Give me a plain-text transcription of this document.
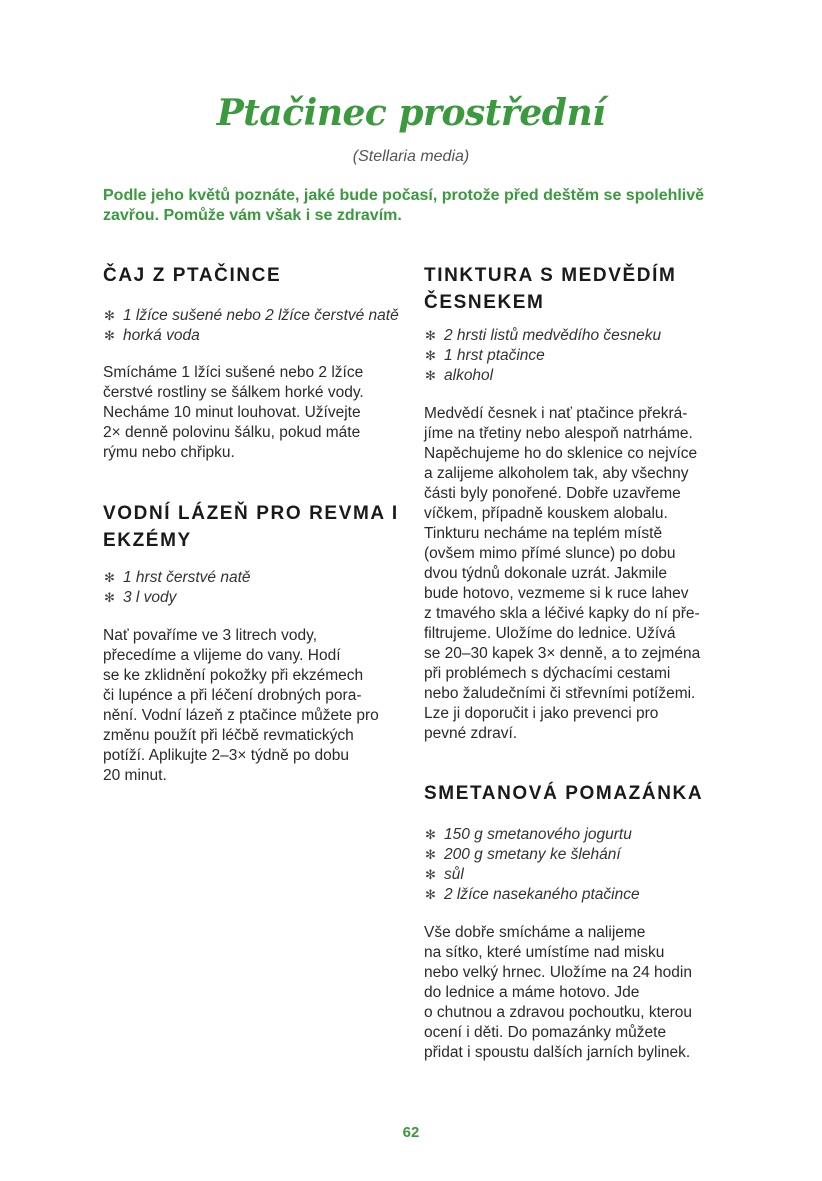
Ptačinec prostřední
(Stellaria media)
Podle jeho květů poznáte, jaké bude počasí, protože před deštěm se spolehlivě zavřou. Pomůže vám však i se zdravím.
ČAJ Z PTAČINCE
✻ 1 lžíce sušené nebo 2 lžíce čerstvé natě
✻ horká voda

Smícháme 1 lžíci sušené nebo 2 lžíce
čerstvé rostliny se šálkem horké vody.
Necháme 10 minut louhovat. Užívejte
2× denně polovinu šálku, pokud máte
rýmu nebo chřipku.

VODNÍ LÁZEŇ PRO REVMA I EKZÉMY
✻ 1 hrst čerstvé natě
✻ 3 l vody

Nať povaříme ve 3 litrech vody,
přecedíme a vlijeme do vany. Hodí
se ke zklidnění pokožky při ekzémech
či lupénce a při léčení drobných pora-
nění. Vodní lázeň z ptačince můžete pro
změnu použít při léčbě revmatických
potíží. Aplikujte 2–3× týdně po dobu
20 minut.

TINKTURA S MEDVĚDÍM ČESNEKEM
✻ 2 hrsti listů medvědího česneku
✻ 1 hrst ptačince
✻ alkohol

Medvědí česnek i nať ptačince překrá-
jíme na třetiny nebo alespoň natrháme.
Napěchujeme ho do sklenice co nejvíce
a zalijeme alkoholem tak, aby všechny
části byly ponořené. Dobře uzavřeme
víčkem, případně kouskem alobalu.
Tinkturu necháme na teplém místě
(ovšem mimo přímé slunce) po dobu
dvou týdnů dokonale uzrát. Jakmile
bude hotovo, vezmeme si k ruce lahev
z tmavého skla a léčivé kapky do ní pře-
filtrujeme. Uložíme do lednice. Užívá
se 20–30 kapek 3× denně, a to zejména
při problémech s dýchacími cestami
nebo žaludečními či střevními potížemi.
Lze ji doporučit i jako prevenci pro
pevné zdraví.

SMETANOVÁ POMAZÁNKA
✻ 150 g smetanového jogurtu
✻ 200 g smetany ke šlehání
✻ sůl
✻ 2 lžíce nasekaného ptačince

Vše dobře smícháme a nalijeme
na sítko, které umístíme nad misku
nebo velký hrnec. Uložíme na 24 hodin
do lednice a máme hotovo. Jde
o chutnou a zdravou pochoutku, kterou
ocení i děti. Do pomazánky můžete
přidat i spoustu dalších jarních bylinek.

62
